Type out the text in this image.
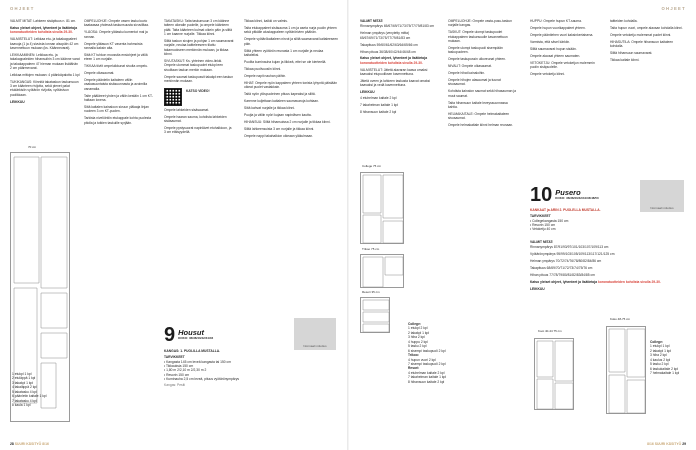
OHJEET

VALMIT MITAT: Lahkeen sisäpituus n. 81 cm.

Katso yleiset ohjeet, lyhenteet ja lisätietoja koronatuotteiden kohdista sivulla 29-30.

VALMISTELUT: Leikkaa etu- ja takakappaleet kaavoja (1 ja 4) sivuista ionnan alsopäin 42 cm kavennettuun mukaan (ks. Käännevarat).

LEIKKAAMINEN: Leikkaa etu- ja takakappaleiden hihansuihin 3 cm käänne varat ja takakappaleen 47 hieman mukaan lisätähän 2 cm päärmevarat.

Leikkaa mittojen mukaan: 4 päänkäpalotta 1 kpl

TUKIKANGAS: Kiinnitä takataskun taskunsuun 3 cm käänteen rivijotta, sekä pienet palat etukärkisiin vyötärön rivijotta, vyötäsivun puolikkaan.

LEIKKUU

70 cm
1 etukpl 1 kpl
2 etuläppä 1 kpl
3 takakpl 1 kpl
4 takaläppä 2 kpl
5 takatasku 4 kpl
6 päänletin kaitale 1 kpl
7 takatasku 4 kpl
8 kaula 1 kpl

OMPELUOHJE: Ompele vasen tasku kuvio kaataasaa yhdessä taskunsuusta sivuviiltaa.

YLÄOSA: Ompele ylätasku kumentot mal ja rannan.

Ompele ylätasun KT vasenta hahmoista rannalla kaksin alta.

Siitä KT tuhkon moossita ensiohjeet ja väliä eteen 1 cm nurjalle.

TIKKAA tiiviit ompeluikkunat sivulta ompelu.

Ompele olkasaumat.

Ompele päänletin kaitaleen väliin vaakasuuntaista sisäsuunnasta ja avoimilla vanamalla.

Taite pääläreet yhden ja väliin kestäin 1 cm KT-haltaan lovena.

Siitä kaitalen kainaloon sivuun ylälaaja linjan nuoleen 3 cm KT-puolen.

Tarkista nivelöintiin etukappale kohta puolesta pitolla ja tutkien taskuille syrjään.

TAKATASKU: Taita taskunsuun 3 cm käänne taiteen oikealle puolelle, ja ompele käänteen päät. Taita käänteen kulmat oikein päin ja silitä 1 cm kaanne nurjalle. Tikkaa kiinni.

Silitä taskun sivujen ja pohjan 1 cm saumavarat nurjalle, neulaa kaitteleeseen tilattu takamuokseen merkinnän mukaan, ja tikkaa kiinni.

SIVUTASKUT: Ks. yhteinen video-linkki. Ompele ulommat taskupuolet etukpl:een sivuiltaan taskun merkin mukaan.

Ompele saumat taskupussit takakpl:een taskun merkinnän mukaan.

KATSO VIDEO!

Ompele lahkeiden sisäsaumat.

Ompele haaran sauma, kohdista lahkeiden sisäsaumat.

Ompele pystysuorat napinlävet etuhalkioon, ja 3 cm etäisyydellä.

Tikkaa kiinni, kaikki on valmis.

Taita etukappaleet sisäsauma 1 cm ja aseta nurja puolin yhteen sekä pitkälle aluskappaleen vyötärörivien päähän.

Ompele vyötärökaitaleen nirvot ja silitä saumavarat kaitaleeseen päin.

Silitä yhteen vyötärön reunasta 1 cm nurjalle ja neulaa kaitaleiksi.

Puolita kuminauha kujan ja liikkeä, ettei se ole kierteellä.

Tikkaa puolivuosiin kiinni.

Ompele napit nauhan päihin.

HIHAT: Ompele nyön kappaleen yhteen tonista lyhyntä päistään oikeat puolet vastakkain.

Taitä nyön ylöspuoleinen pituus kapeaksi ja silitä.

Karenne kuljettaan kaitaleen saumavaroja kohtaan.

Siitä kahvat nurjalle ja tikkaa kiinni.

Puujta ja väliin nyöri kujaan napinläven kautta.

HIHANSUU: Silitä hihansuissa 2 cm nurjalle ja tikkaa kiinni.

Silitä lahkeensuista 3 cm nurjalle ja tikkaa kiinni.

Ompele nappi takahalkion oikeaan yläkulmaan.

9 Housut
KOKO: 36/38/40/42/44/46
KANGAS: 1. PUOLILLA MUSTALLA.
TARVIKKEET
• Kangasta 145 cm leveä kangasta tai 150 cm
• Tikkauksia 150 cm
• 1,80 m 2/2,10 m 2/2,30 m 2
• Resorin 150 cm
• Kuminauha 2,5 cm leveä, pituus vyötärönympärys
Kangas: Pesiti
Normaali mitoitus
28 SUURI KÄSITYÖ 8/16
OHJEET

VALMIT MITAT:

Rinnanympärys 65/67/69/71/73/75/77/79/81/83 cm

Helman ympärys (venytetty mitta) 65/67/69/71/73/75/77/79/81/83 cm

Takapituus 59/60/61/62/63/64/65/66 cm

Hihan pituus 36/38/40/42/44/46/48 cm

Katso yleiset ohjeet, lyhenteet ja lisätietoja koronatuotteiden kohdista sivulla 29-30.

VALMISTELUT: Jätetä alavaran kaava omaksi kaavaksi etupuoliksen kavennettuna.

Jätetä oveen ja lahkeen taskusta kaavat omaksi kaavaksi ja vedä kavennettuna.

LEIKKUU

4 etuhelman kaitale 2 kpl

7 takahelman kaitale 1 kpl

8 hihansuun kaitale 2 kpl

College 75 cm
Trikoo 75 cm
Resori 35 cm
College:
1 etukpl 2 kpl
2 takakpl 1 kpl
3 hiha 2 kpl
4 huppu 2 kpl
5 tasku 2 kpl
6 sisempi taskupuoli 2 kpl
Trikoo:
4 hupun vuori 2 kpl
7 sisempi taskupuoli 2 kpl
Resori:
4 etuhelman kaitale 2 kpl
7 takahelman kaitale 1 kpl
8 hihansuun kaitale 2 kpl

OMPELUOHJE: Ompele vasta-pusu-taskun nurjalle kangas.

TASKUT: Ompele ulompi taskupuolet etukappaleen taskunsuulle kavannettuun mukaan.

Ompele ulompi taskupuoli sisempään taskupuoleen.

Ompele taskupussin ulkoreunat yhteen.

NIVALIT: Ompele olkasaumat.

Ompele hihat kainaloihin.

Ompele hihojen alasaumat ja tuunat sivusaumat.

Kohdista kainalon saumat sekä hihasauman ja muut saumat.

Taita hihansuun kaitale leveyssuunnassa kahtia.

HELMAKAITALE: Ompele helmakaitaleen sivusaumat.

Ompele helmakaitale kiinni helman reunaan.

HUPPU: Ompele hupun KT-sauma.

Ompele hupun vuorikappaleet yhteen.

Ompele pääntiehen vuori kaksinkertaisena.

Varmista, että sävel kärkiin.

Silitä saumavarat hupun sisään.

Ompele alaosat yhteen saumaten.

VETOKETJU: Ompele vetoketjun molemmin puolin sisäpuolelle.

Ompele vetoketju kiinni.

taitteiden kohdalla.

Taita hupun vuori, ompele alaosan kohdalla kiinni.

Ompele vetoketju molemmat puolet kiinni.

HIHASUTILA: Ompele hihansuun kaitaleen kohdalla.

Silitä hihansuun saumavarat.

Tikkaa kaitale kiinni.

10 Pusero
KOKO: 36/38/40/42/44/46/48/50
KANKAAT ja ARIN 2. PUOLELLA MUSTALLA.
TARVIKKEET
• Collegekangasta 150 cm
• Resorin 150 cm
• Vetoketju 40 cm
Normaali mitoitus

VALMIT MITAT:

Rinnanympärys 87/91/93/97/101/103/107/109/113 cm

Vyötärönympärys 95/99/103/105/109/113/117/121/125 cm

Helman ympärys 70/72/74/76/78/80/82/84/86 cm

Takapituus 68/69/70/71/72/73/74/75/76 cm

Hihan pituus 77/78/79/80/81/82/83/84/85 cm

Katso yleiset ohjeet, lyhenteet ja lisätietoja koronatuotteiden kohdista sivulla 29-30.

LEIKKUU

Koot 40-44 75 cm
Koko 48-75 cm
College:
1 etukpl 1 kpl
2 takakpl 1 kpl
3 hiha 2 kpl
4 kaulus 2 kpl
5 tasku 2 kpl
6 taskukaitale 2 kpl
7 helmakaitale 1 kpl
8/16 SUURI KÄSITYÖ 29
